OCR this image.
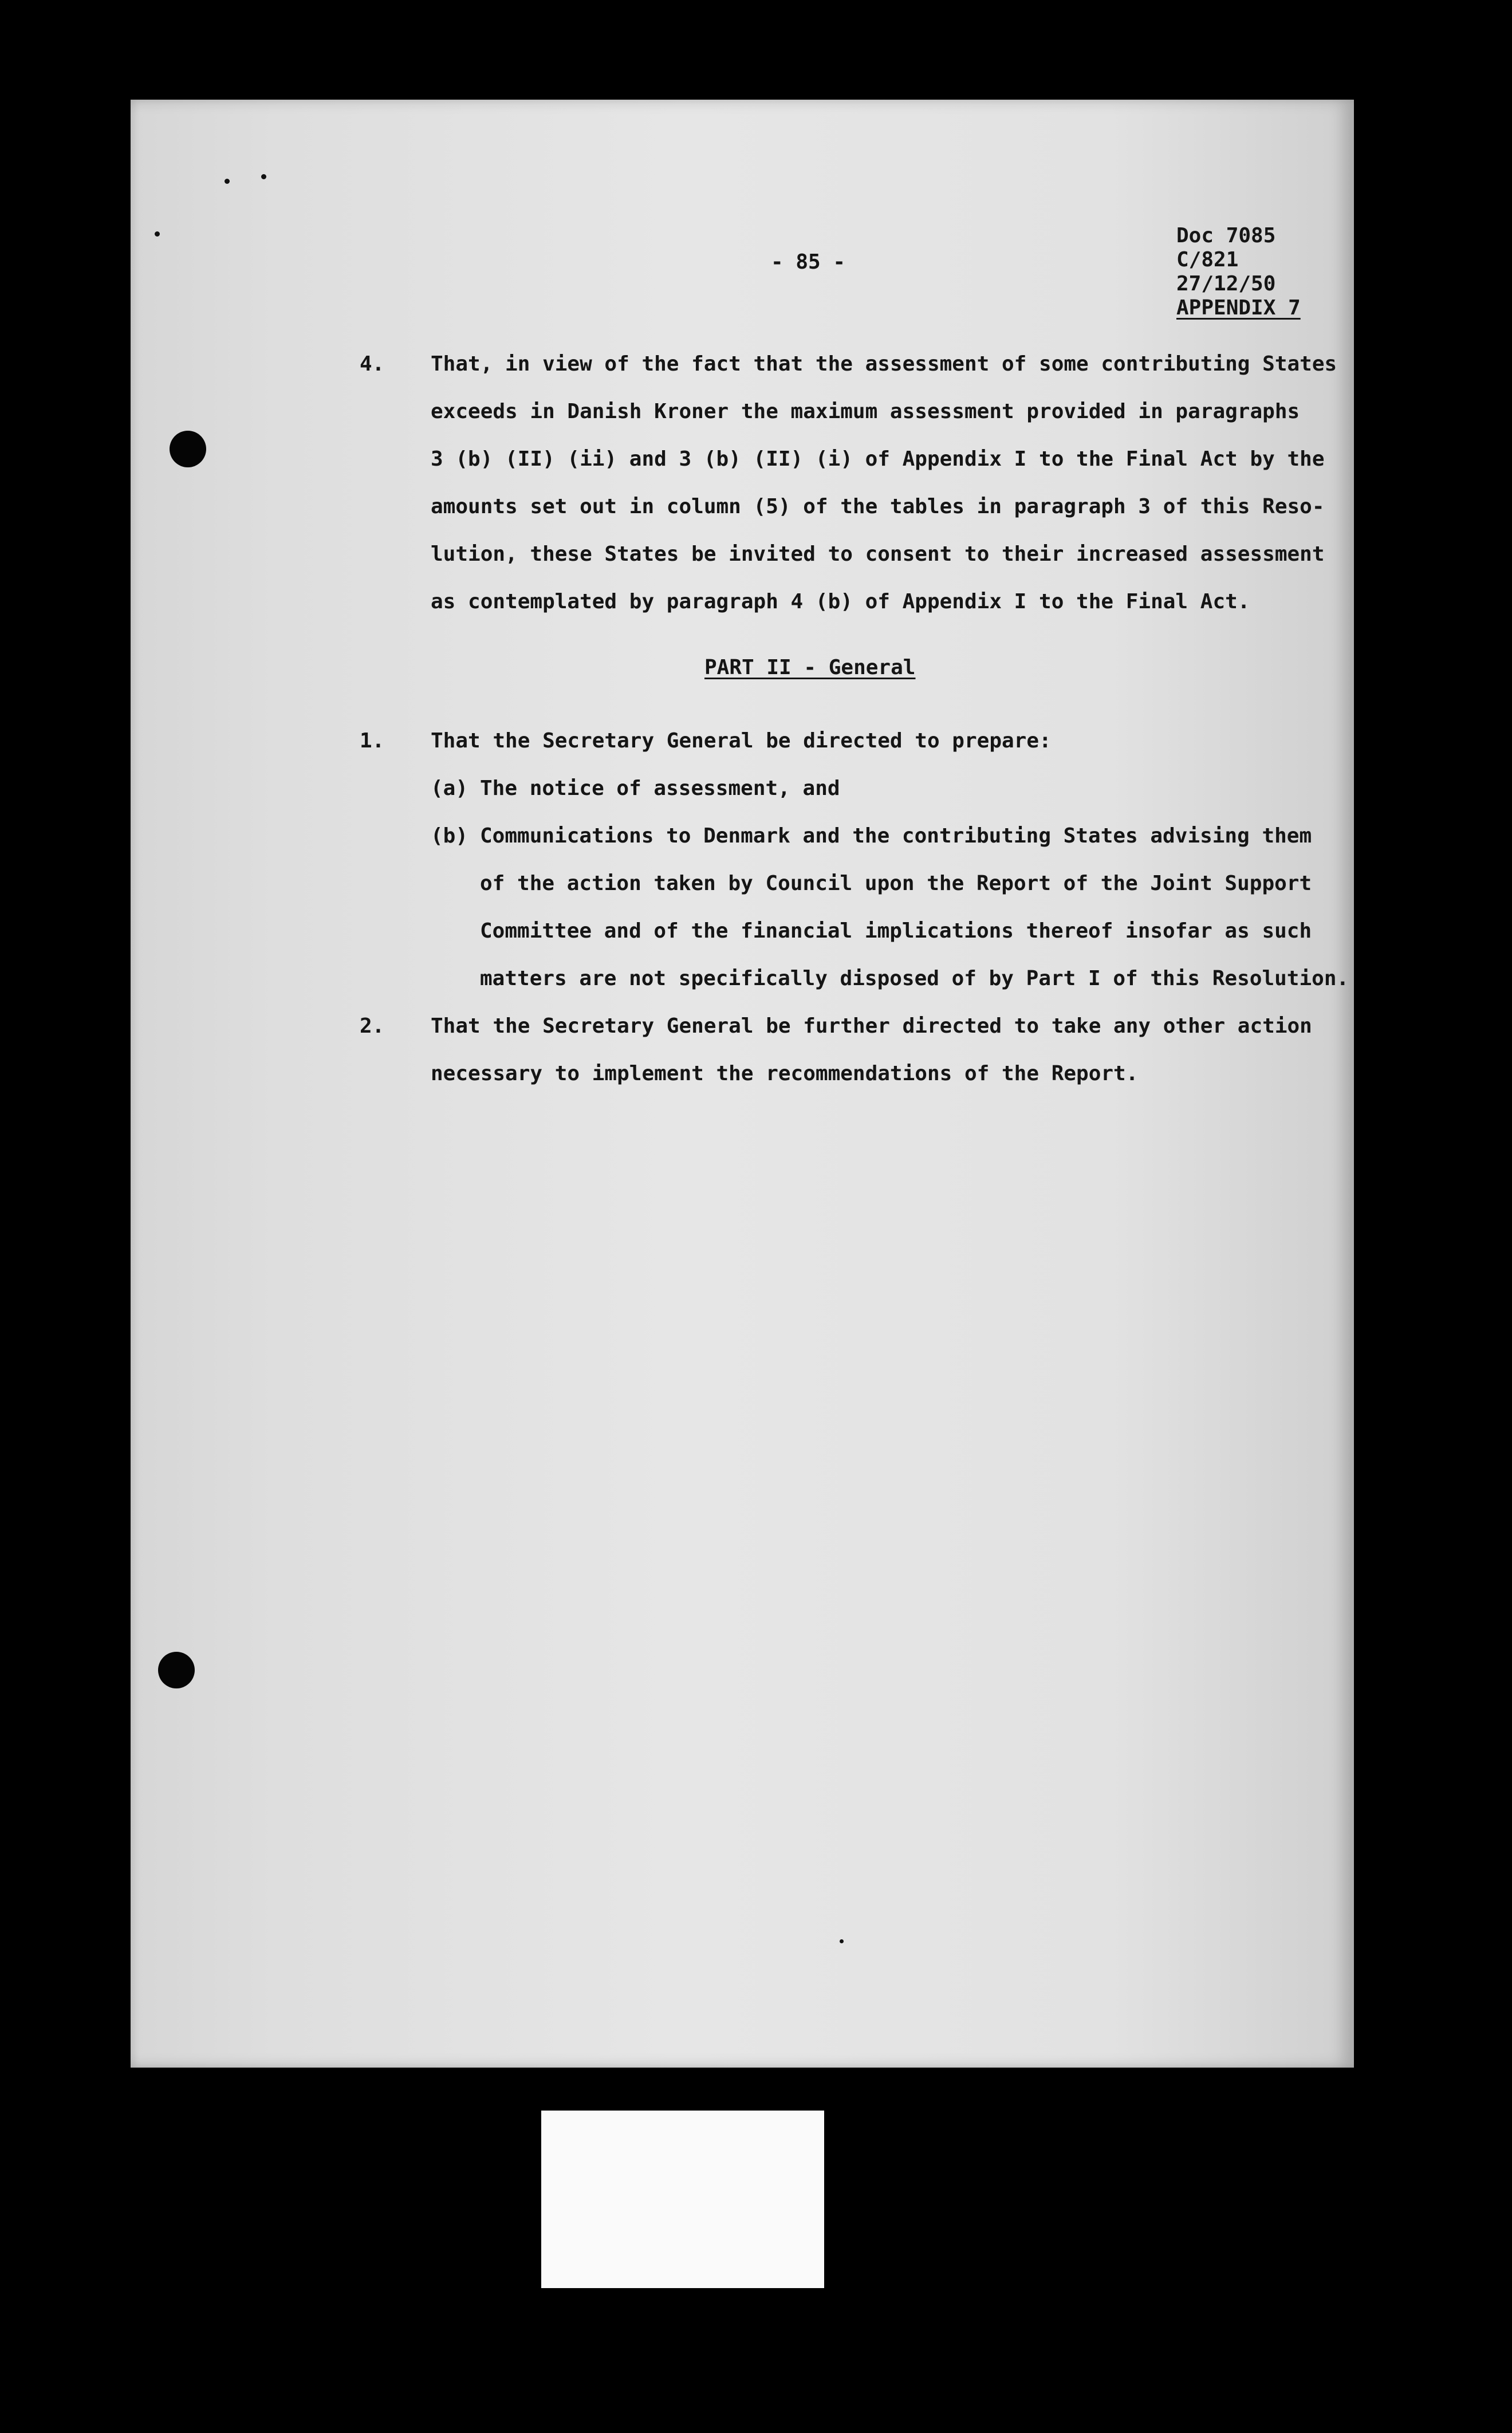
- 85 -
Doc 7085
C/821
27/12/50
APPENDIX 7
4. That, in view of the fact that the assessment of some contributing States
exceeds in Danish Kroner the maximum assessment provided in paragraphs
3 (b) (II) (ii) and 3 (b) (II) (i) of Appendix I to the Final Act by the
amounts set out in column (5) of the tables in paragraph 3 of this Reso-
lution, these States be invited to consent to their increased assessment
as contemplated by paragraph 4 (b) of Appendix I to the Final Act.
PART II - General
1. That the Secretary General be directed to prepare:
(a) The notice of assessment, and
(b) Communications to Denmark and the contributing States advising them
of the action taken by Council upon the Report of the Joint Support
Committee and of the financial implications thereof insofar as such
matters are not specifically disposed of by Part I of this Resolution.
2. That the Secretary General be further directed to take any other action
necessary to implement the recommendations of the Report.
